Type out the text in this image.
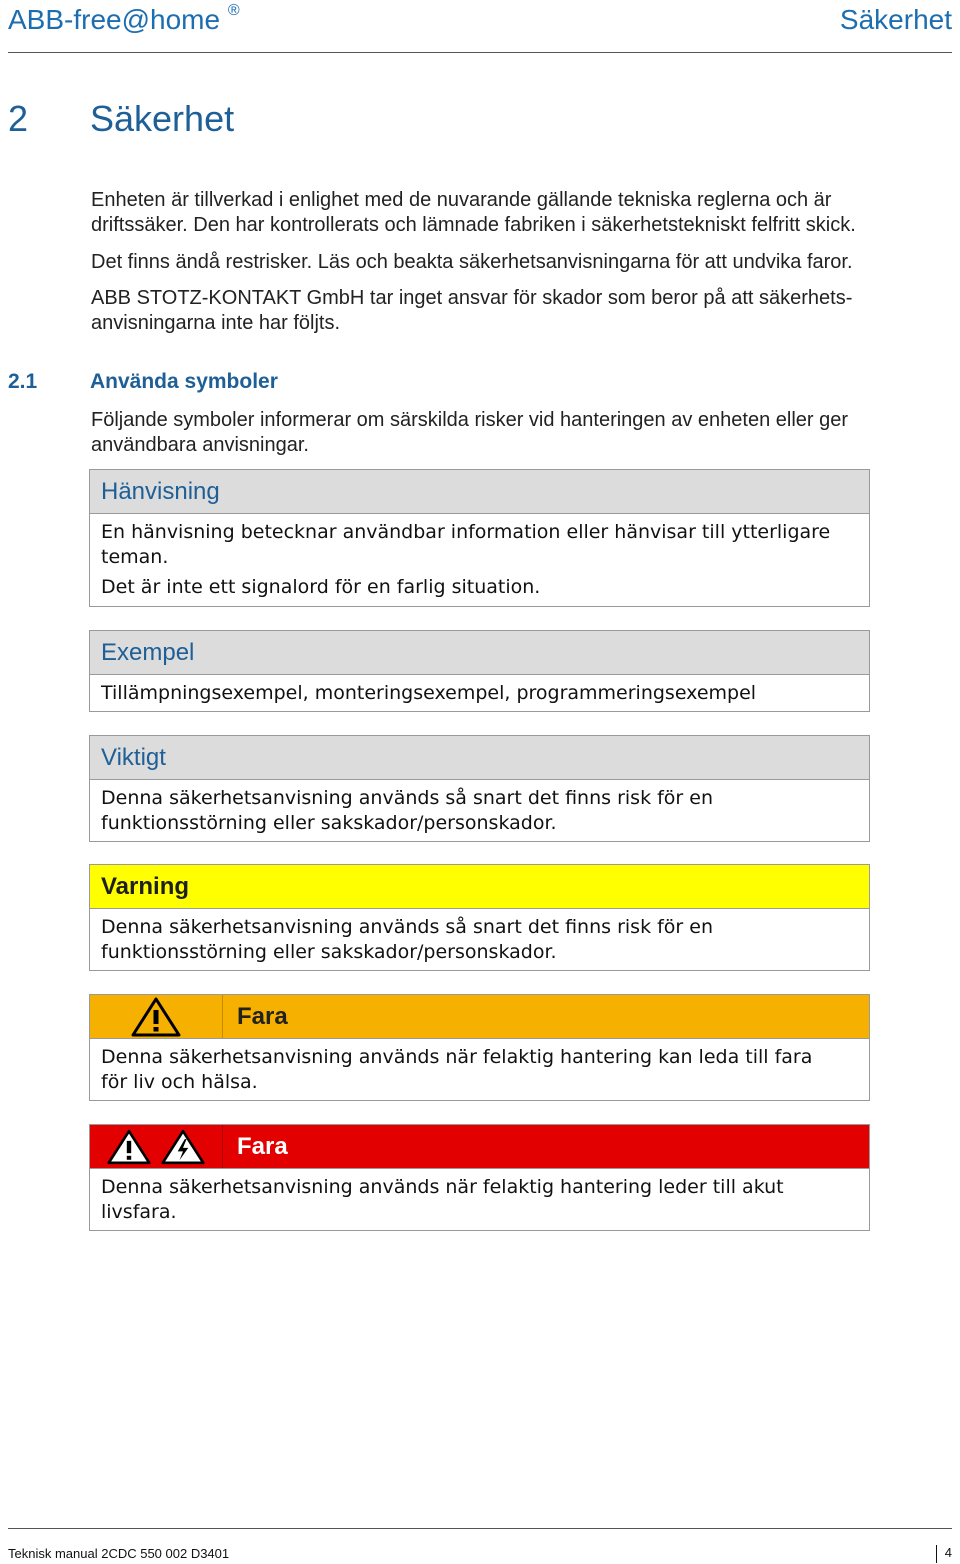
ABB-free@home ®	Säkerhet
2 Säkerhet
Enheten är tillverkad i enlighet med de nuvarande gällande tekniska reglerna och är
driftssäker. Den har kontrollerats och lämnade fabriken i säkerhetstekniskt felfritt skick.
Det finns ändå restrisker. Läs och beakta säkerhetsanvisningarna för att undvika faror.
ABB STOTZ-KONTAKT GmbH tar inget ansvar för skador som beror på att säkerhets-
anvisningarna inte har följts.
2.1	Använda symboler
Följande symboler informerar om särskilda risker vid hanteringen av enheten eller ger
användbara anvisningar.
Hänvisning

En hänvisning betecknar användbar information eller hänvisar till ytterligare
teman.

Det är inte ett signalord för en farlig situation.

Exempel

Tillämpningsexempel, monteringsexempel, programmeringsexempel

Viktigt

Denna säkerhetsanvisning används så snart det finns risk för en
funktionsstörning eller sakskador/personskador.

Varning

Denna säkerhetsanvisning används så snart det finns risk för en
funktionsstörning eller sakskador/personskador.

Fara

Denna säkerhetsanvisning används när felaktig hantering kan leda till fara
för liv och hälsa.

Fara

Denna säkerhetsanvisning används när felaktig hantering leder till akut
livsfara.

Teknisk manual 2CDC 550 002 D3401	4
